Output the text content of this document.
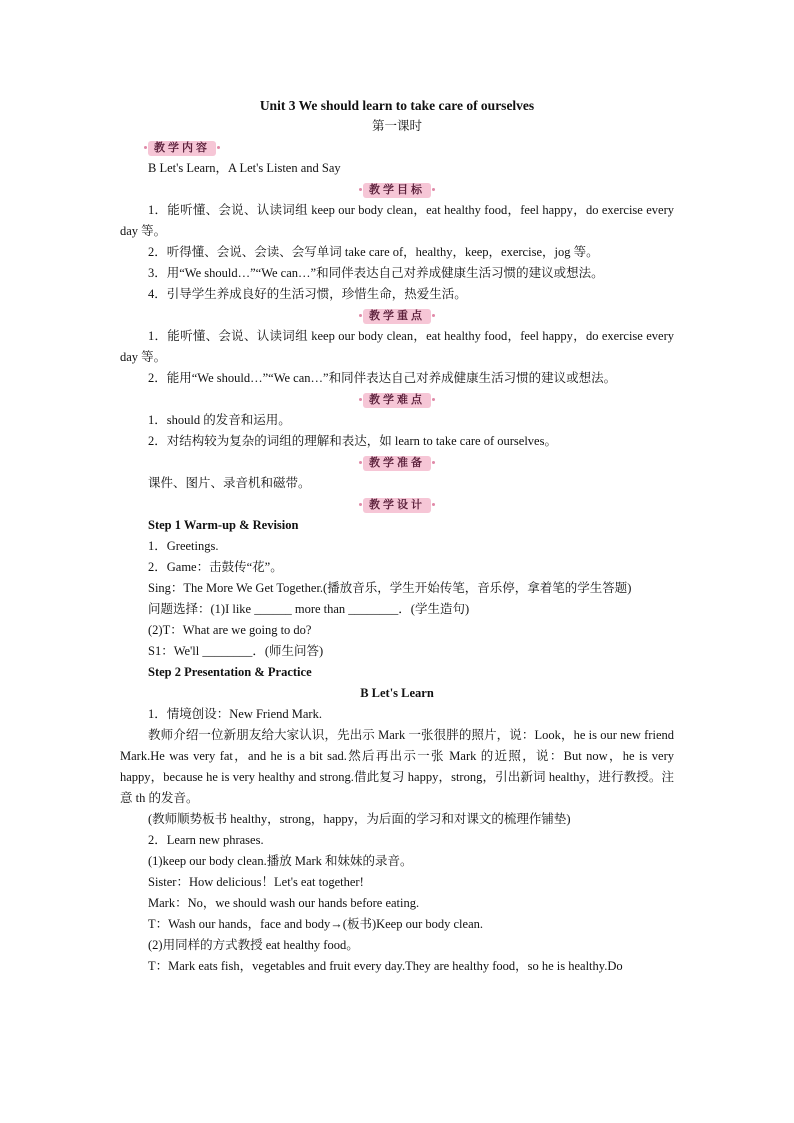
Unit 3 We should learn to take care of ourselves
第一课时
教学内容
B Let's Learn，A Let's Listen and Say
教学目标
1．能听懂、会说、认读词组 keep our body clean，eat healthy food，feel happy，do exercise every day 等。
2．听得懂、会说、会读、会写单词 take care of，healthy，keep，exercise，jog 等。
3．用“We should…”“We can…”和同伴表达自己对养成健康生活习惯的建议或想法。
4．引导学生养成良好的生活习惯，珍惜生命，热爱生活。
教学重点
1．能听懂、会说、认读词组 keep our body clean，eat healthy food，feel happy，do exercise every day 等。
2．能用“We should…”“We can…”和同伴表达自己对养成健康生活习惯的建议或想法。
教学难点
1．should 的发音和运用。
2．对结构较为复杂的词组的理解和表达，如 learn to take care of ourselves。
教学准备
课件、图片、录音机和磁带。
教学设计
Step 1 Warm-up & Revision
1．Greetings.
2．Game：击鼓传“花”。
Sing：The More We Get Together.(播放音乐，学生开始传笔，音乐停，拿着笔的学生答题)
问题选择：(1)I like ______ more than ________．(学生造句)
(2)T：What are we going to do?
S1：We'll ________．(师生问答)
Step 2 Presentation & Practice
B Let's Learn
1．情境创设：New Friend Mark.
教师介绍一位新朋友给大家认识，先出示 Mark 一张很胖的照片，说：Look，he is our new friend Mark.He was very fat，and he is a bit sad.然后再出示一张 Mark 的近照，说：But now，he is very happy，because he is very healthy and strong.借此复习 happy，strong，引出新词 healthy，进行教授。注意 th 的发音。
(教师顺势板书 healthy，strong，happy，为后面的学习和对课文的梳理作铺垫)
2．Learn new phrases.
(1)keep our body clean.播放 Mark 和妹妹的录音。
Sister：How delicious！Let's eat together!
Mark：No，we should wash our hands before eating.
T：Wash our hands，face and body→(板书)Keep our body clean.
(2)用同样的方式教授 eat healthy food。
T：Mark eats fish，vegetables and fruit every day.They are healthy food，so he is healthy.Do
